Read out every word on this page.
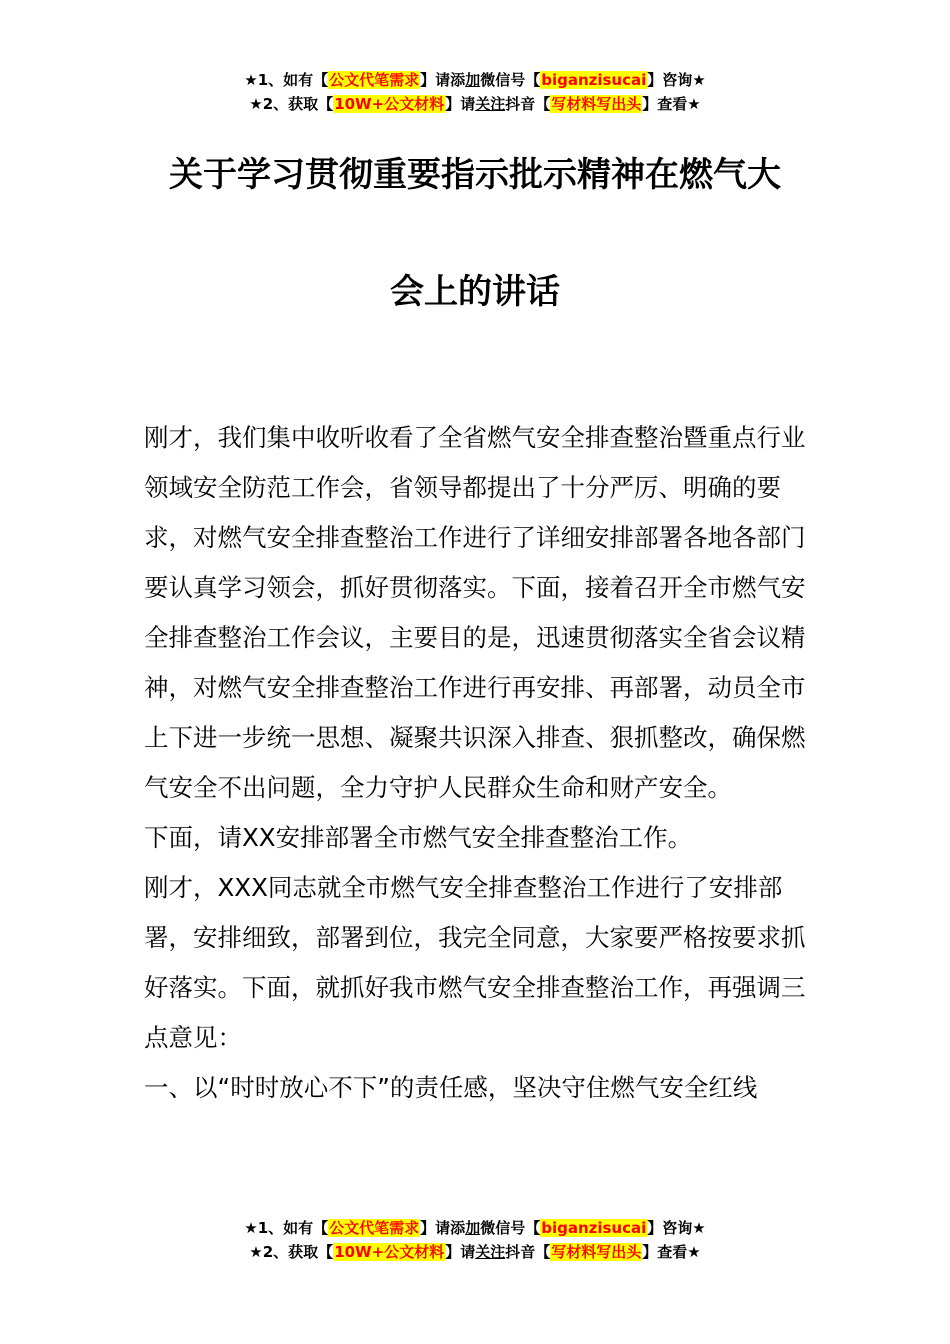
★1、如有【公文代笔需求】请添加微信号【biganzisucai】咨询★
★2、获取【10W+公文材料】请关注抖音【写材料写出头】查看★
关于学习贯彻重要指示批示精神在燃气大
会上的讲话

刚才，我们集中收听收看了全省燃气安全排查整治暨重点行业领域安全防范工作会，省领导都提出了十分严厉、明确的要求，对燃气安全排查整治工作进行了详细安排部署各地各部门要认真学习领会，抓好贯彻落实。下面，接着召开全市燃气安全排查整治工作会议，主要目的是，迅速贯彻落实全省会议精神，对燃气安全排查整治工作进行再安排、再部署，动员全市上下进一步统一思想、凝聚共识深入排查、狠抓整改，确保燃气安全不出问题，全力守护人民群众生命和财产安全。

下面，请XX安排部署全市燃气安全排查整治工作。

刚才，XXX同志就全市燃气安全排查整治工作进行了安排部署，安排细致，部署到位，我完全同意，大家要严格按要求抓好落实。下面，就抓好我市燃气安全排查整治工作，再强调三点意见：

一、以“时时放心不下”的责任感，坚决守住燃气安全红线

★1、如有【公文代笔需求】请添加微信号【biganzisucai】咨询★
★2、获取【10W+公文材料】请关注抖音【写材料写出头】查看★
